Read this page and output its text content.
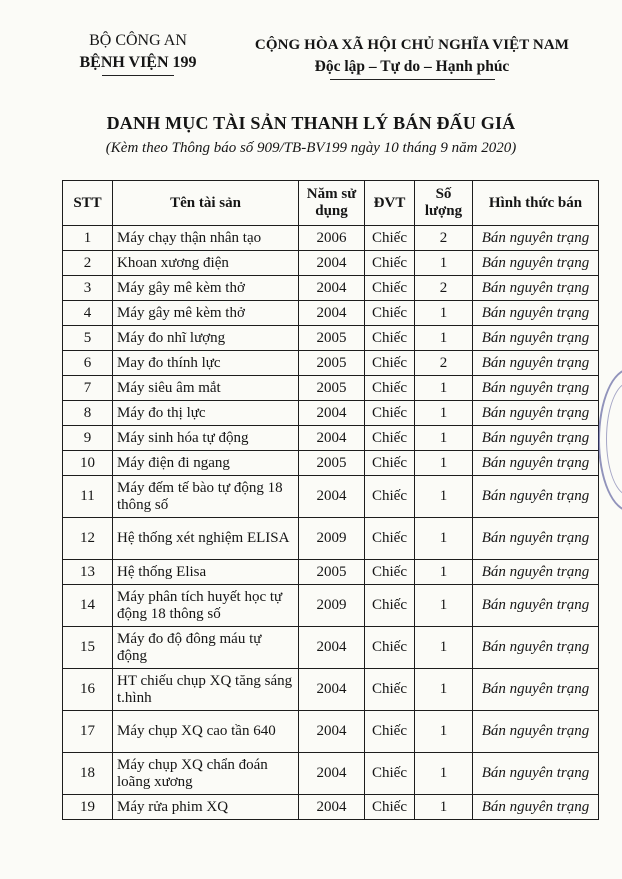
BỘ CÔNG AN
BỆNH VIỆN 199
CỘNG HÒA XÃ HỘI CHỦ NGHĨA VIỆT NAM
Độc lập – Tự do – Hạnh phúc
DANH MỤC TÀI SẢN THANH LÝ BÁN ĐẤU GIÁ
(Kèm theo Thông báo số 909/TB-BV199 ngày 10 tháng 9 năm 2020)
STT	Tên tài sản	Năm sử dụng	ĐVT	Số lượng	Hình thức bán
1	Máy chạy thận nhân tạo	2006	Chiếc	2	Bán nguyên trạng
2	Khoan xương điện	2004	Chiếc	1	Bán nguyên trạng
3	Máy gây mê kèm thở	2004	Chiếc	2	Bán nguyên trạng
4	Máy gây mê kèm thở	2004	Chiếc	1	Bán nguyên trạng
5	Máy đo nhĩ lượng	2005	Chiếc	1	Bán nguyên trạng
6	May đo thính lực	2005	Chiếc	2	Bán nguyên trạng
7	Máy siêu âm mắt	2005	Chiếc	1	Bán nguyên trạng
8	Máy đo thị lực	2004	Chiếc	1	Bán nguyên trạng
9	Máy sinh hóa tự động	2004	Chiếc	1	Bán nguyên trạng
10	Máy điện đi ngang	2005	Chiếc	1	Bán nguyên trạng
11	Máy đếm tế bào tự động 18 thông số	2004	Chiếc	1	Bán nguyên trạng
12	Hệ thống xét nghiệm ELISA	2009	Chiếc	1	Bán nguyên trạng
13	Hệ thống Elisa	2005	Chiếc	1	Bán nguyên trạng
14	Máy phân tích huyết học tự động 18 thông số	2009	Chiếc	1	Bán nguyên trạng
15	Máy đo độ đông máu tự động	2004	Chiếc	1	Bán nguyên trạng
16	HT chiếu chụp XQ tăng sáng t.hình	2004	Chiếc	1	Bán nguyên trạng
17	Máy chụp XQ cao tần 640	2004	Chiếc	1	Bán nguyên trạng
18	Máy chụp XQ chẩn đoán loãng xương	2004	Chiếc	1	Bán nguyên trạng
19	Máy rửa phim XQ	2004	Chiếc	1	Bán nguyên trạng
